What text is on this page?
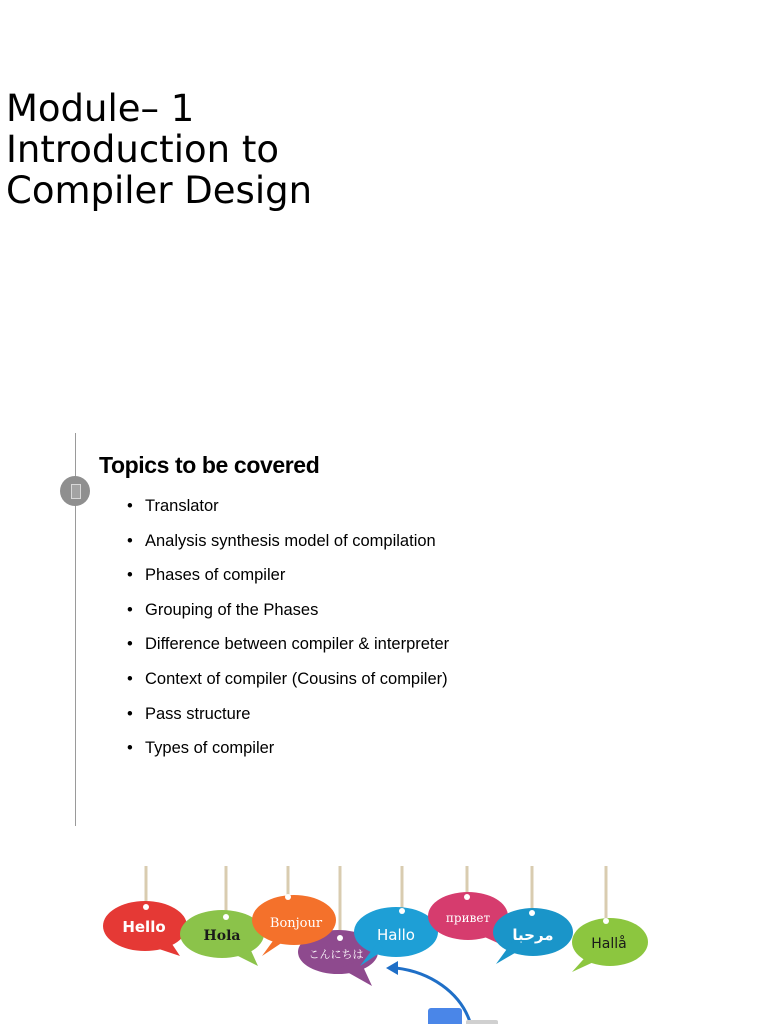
Module– 1
Introduction to
Compiler Design
Topics to be covered
• Translator
• Analysis synthesis model of compilation
• Phases of compiler
• Grouping of the Phases
• Difference between compiler & interpreter
• Context of compiler (Cousins of compiler)
• Pass structure
• Types of compiler
こんにちは
Hello	Hola
Bonjour
Hallo
привет
مرحبا	Hallå
